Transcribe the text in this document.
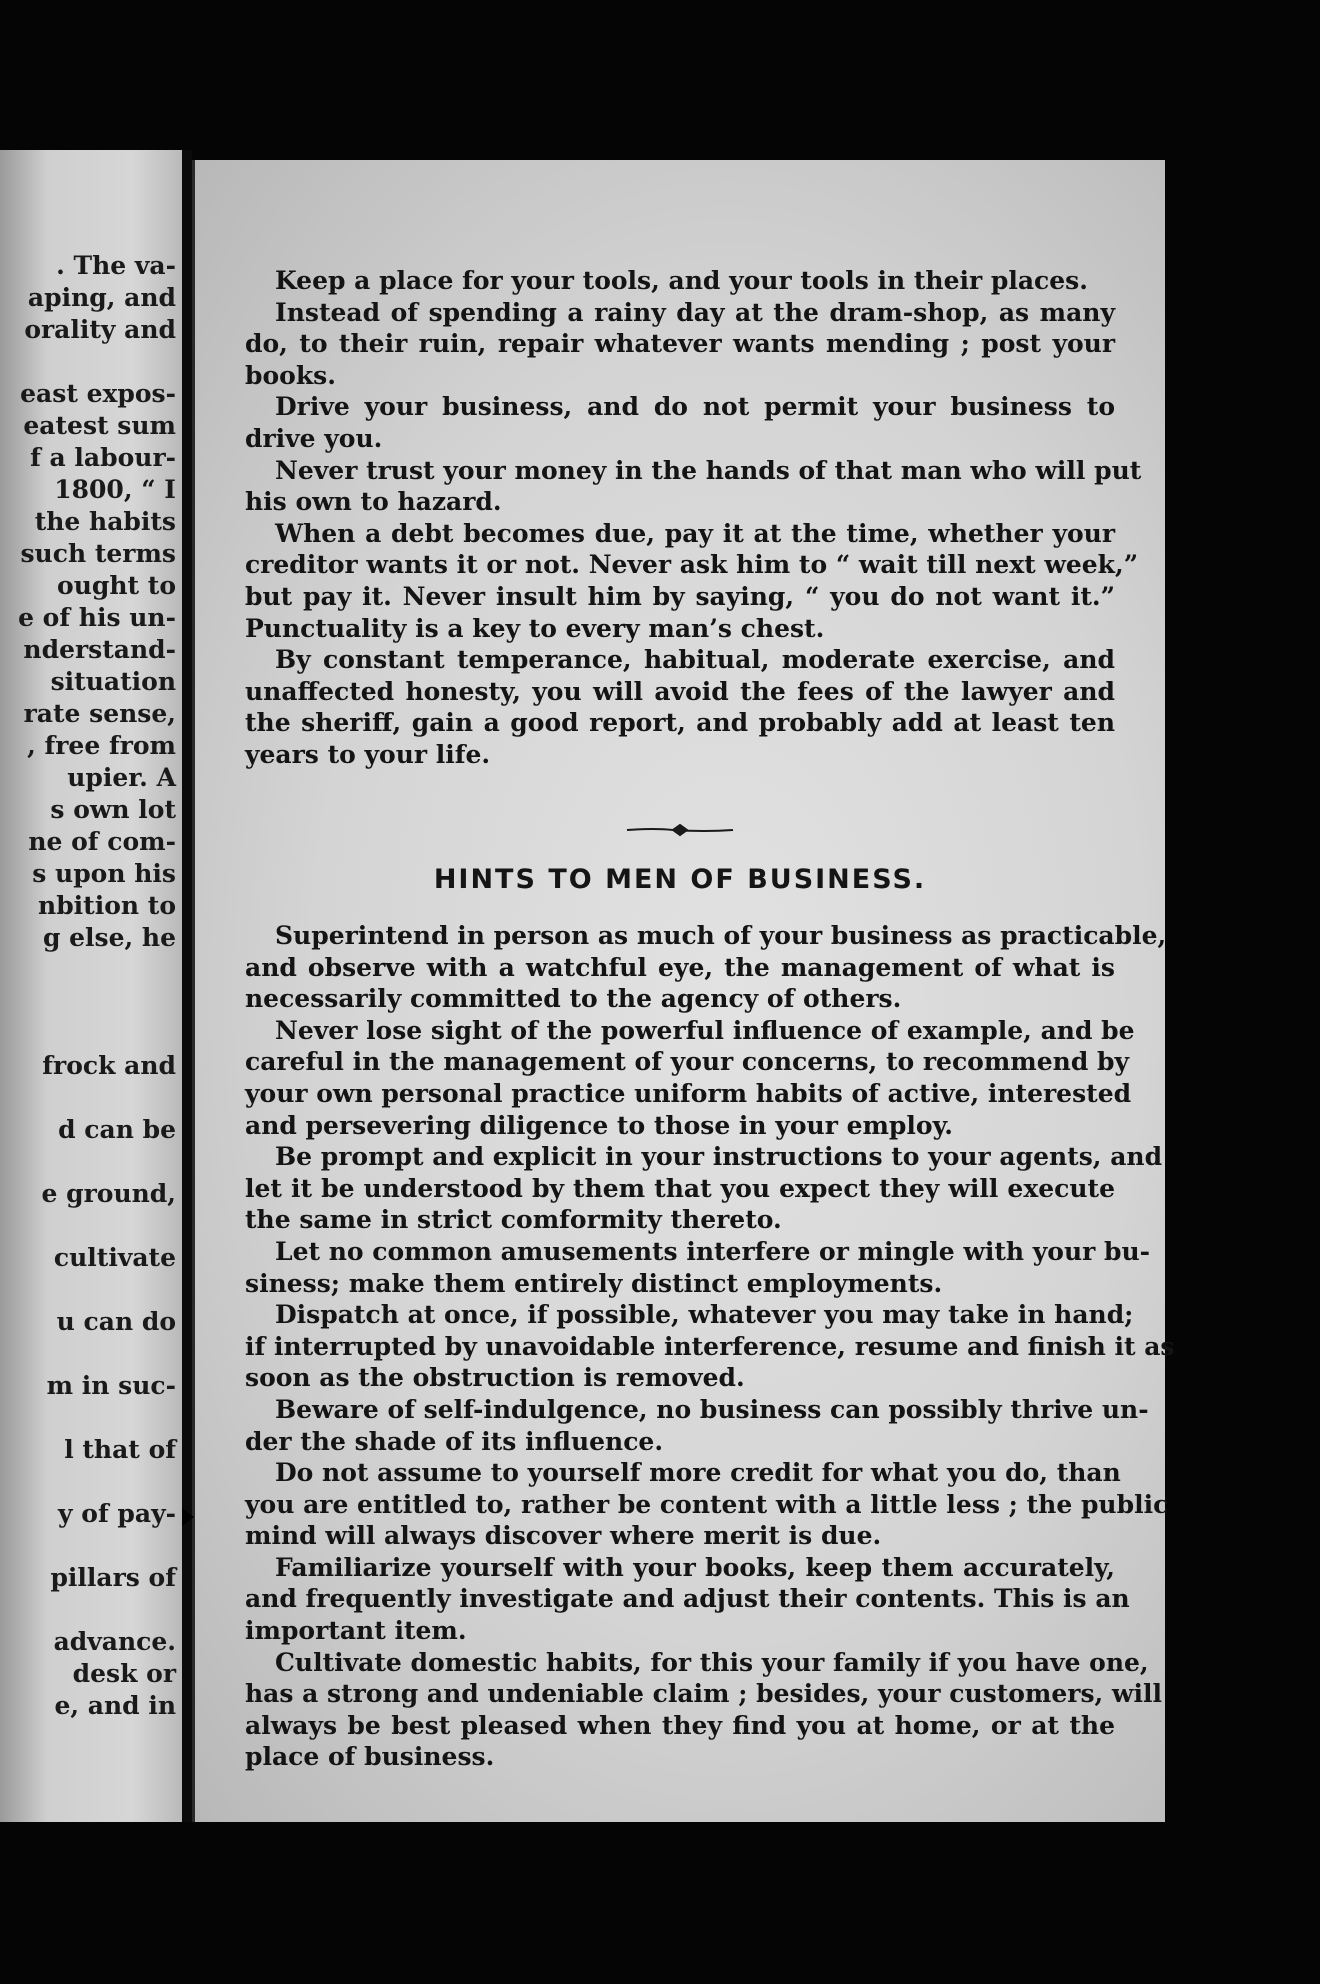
. The va-
aping, and
orality and

east expos-
eatest sum
f a labour-
1800, “ I
the habits
such terms
ought to
e of his un-
nderstand-
situation
rate sense,
, free from
upier. A
s own lot
ne of com-
s upon his
nbition to
g else, he

frock and

d can be

e ground,

cultivate

u can do

m in suc-

l that of

y of pay-

pillars of

advance.
desk or
e, and in
Keep a place for your tools, and your tools in their places.
Instead of spending a rainy day at the dram-shop, as many
do, to their ruin, repair whatever wants mending ; post your
books.
Drive your business, and do not permit your business to
drive you.
Never trust your money in the hands of that man who will put
his own to hazard.
When a debt becomes due, pay it at the time, whether your
creditor wants it or not. Never ask him to “ wait till next week,”
but pay it. Never insult him by saying, “ you do not want it.”
Punctuality is a key to every man’s chest.
By constant temperance, habitual, moderate exercise, and
unaffected honesty, you will avoid the fees of the lawyer and
the sheriff, gain a good report, and probably add at least ten
years to your life.
HINTS TO MEN OF BUSINESS.
Superintend in person as much of your business as practicable,
and observe with a watchful eye, the management of what is
necessarily committed to the agency of others.
Never lose sight of the powerful influence of example, and be
careful in the management of your concerns, to recommend by
your own personal practice uniform habits of active, interested
and persevering diligence to those in your employ.
Be prompt and explicit in your instructions to your agents, and
let it be understood by them that you expect they will execute
the same in strict comformity thereto.
Let no common amusements interfere or mingle with your bu-
siness; make them entirely distinct employments.
Dispatch at once, if possible, whatever you may take in hand;
if interrupted by unavoidable interference, resume and finish it as
soon as the obstruction is removed.
Beware of self-indulgence, no business can possibly thrive un-
der the shade of its influence.
Do not assume to yourself more credit for what you do, than
you are entitled to, rather be content with a little less ; the public
mind will always discover where merit is due.
Familiarize yourself with your books, keep them accurately,
and frequently investigate and adjust their contents. This is an
important item.
Cultivate domestic habits, for this your family if you have one,
has a strong and undeniable claim ; besides, your customers, will
always be best pleased when they find you at home, or at the
place of business.
